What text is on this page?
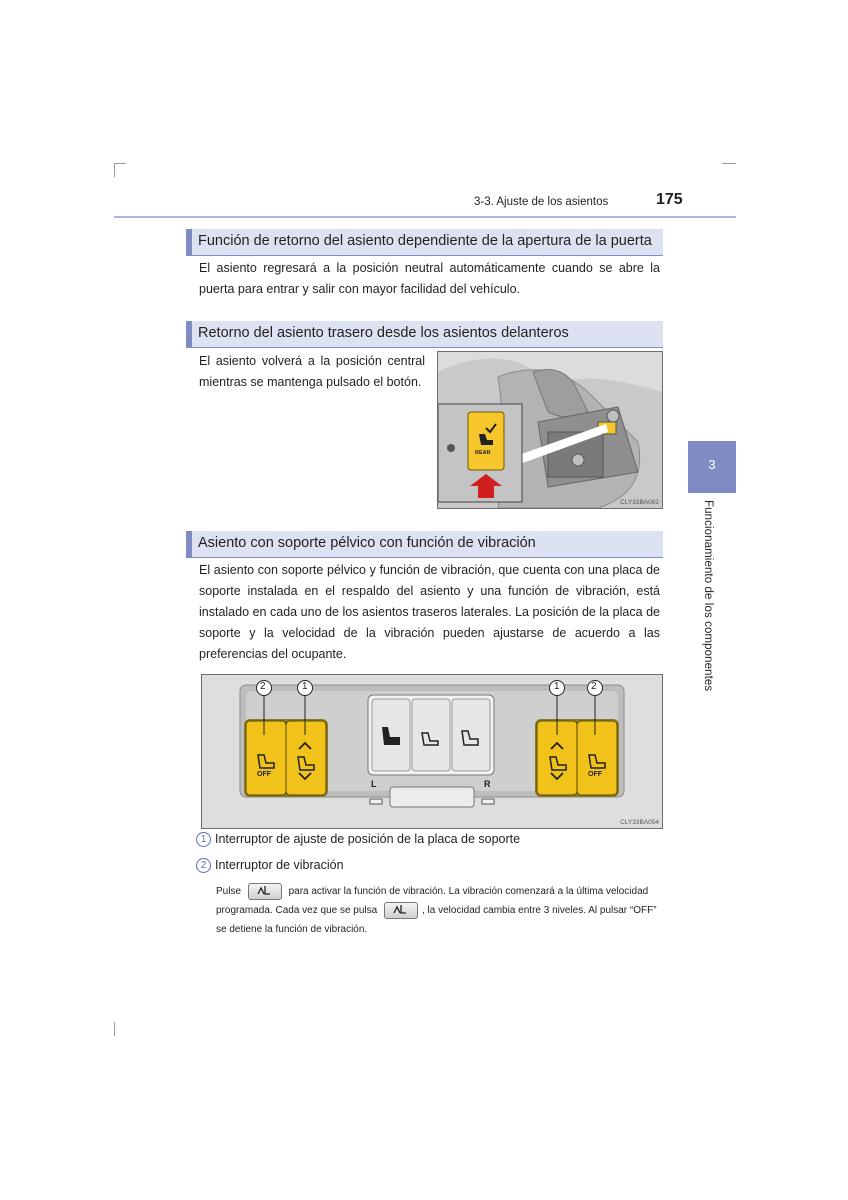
3-3. Ajuste de los asientos	175
3
Funcionamiento de los componentes
Función de retorno del asiento dependiente de la apertura de la puerta

El asiento regresará a la posición neutral automáticamente cuando se abre la puerta para entrar y salir con mayor facilidad del vehículo.

Retorno del asiento trasero desde los asientos delanteros

El asiento volverá a la posición central mientras se mantenga pulsado el botón.

REAR
CLY33BA082
Asiento con soporte pélvico con función de vibración

El asiento con soporte pélvico y función de vibración, que cuenta con una placa de soporte instalada en el respaldo del asiento y una función de vibración, está instalado en cada uno de los asientos traseros laterales. La posición de la placa de soporte y la velocidad de la vibración pueden ajustarse de acuerdo a las preferencias del ocupante.

2	1	1	2
OFF	OFF
L	R
CLY33BA054
1 Interruptor de ajuste de posición de la placa de soporte
2 Interruptor de vibración
Pulse	para activar la función de vibración. La vibración comenzará a la última velocidad programada. Cada vez que se pulsa	, la velocidad cambia entre 3 niveles. Al pulsar “OFF” se detiene la función de vibración.
